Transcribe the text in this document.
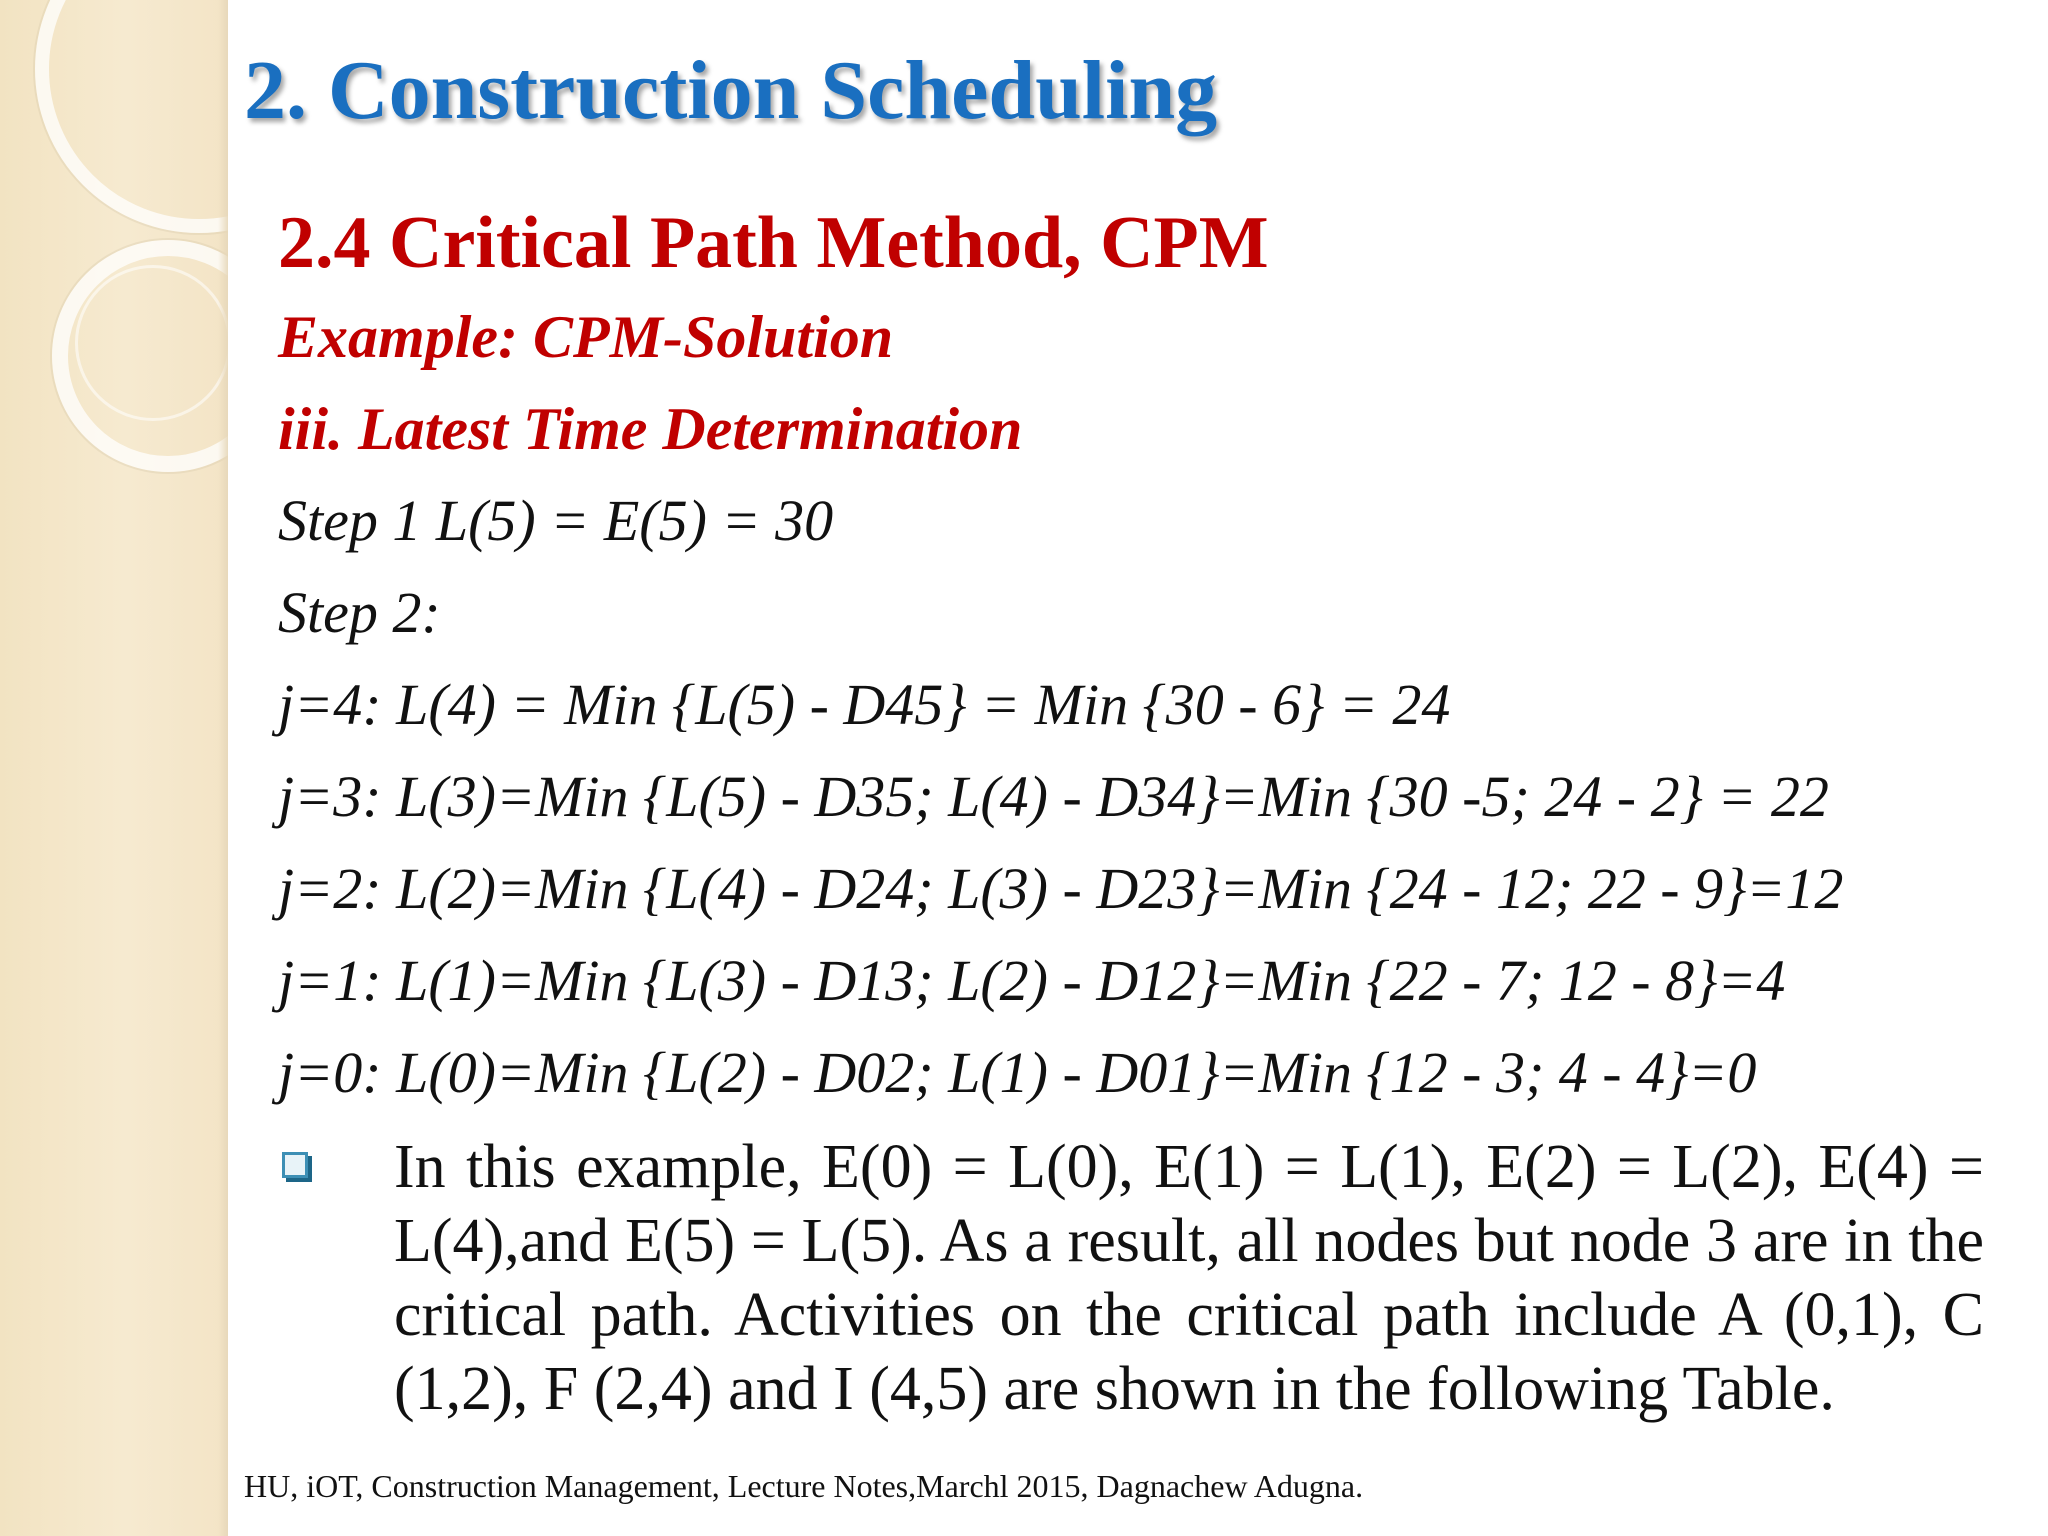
2. Construction Scheduling
2.4 Critical Path Method, CPM
Example: CPM-Solution
iii. Latest Time Determination
Step 1 L(5) = E(5) = 30
Step 2:
j=4: L(4) = Min {L(5) - D45} = Min {30 - 6} = 24
j=3: L(3)=Min {L(5) - D35; L(4) - D34}=Min {30 -5; 24 - 2} = 22
j=2: L(2)=Min {L(4) - D24; L(3) - D23}=Min {24 - 12; 22 - 9}=12
j=1: L(1)=Min {L(3) - D13; L(2) - D12}=Min {22 - 7; 12 - 8}=4
j=0: L(0)=Min {L(2) - D02; L(1) - D01}=Min {12 - 3; 4 - 4}=0

In this example, E(0) = L(0), E(1) = L(1), E(2) = L(2), E(4) = L(4),and E(5) = L(5). As a result, all nodes but node 3 are in the critical path. Activities on the critical path include A (0,1), C (1,2), F (2,4) and I (4,5) are shown in the following Table.

HU, iOT, Construction Management, Lecture Notes,Marchl 2015, Dagnachew Adugna.
